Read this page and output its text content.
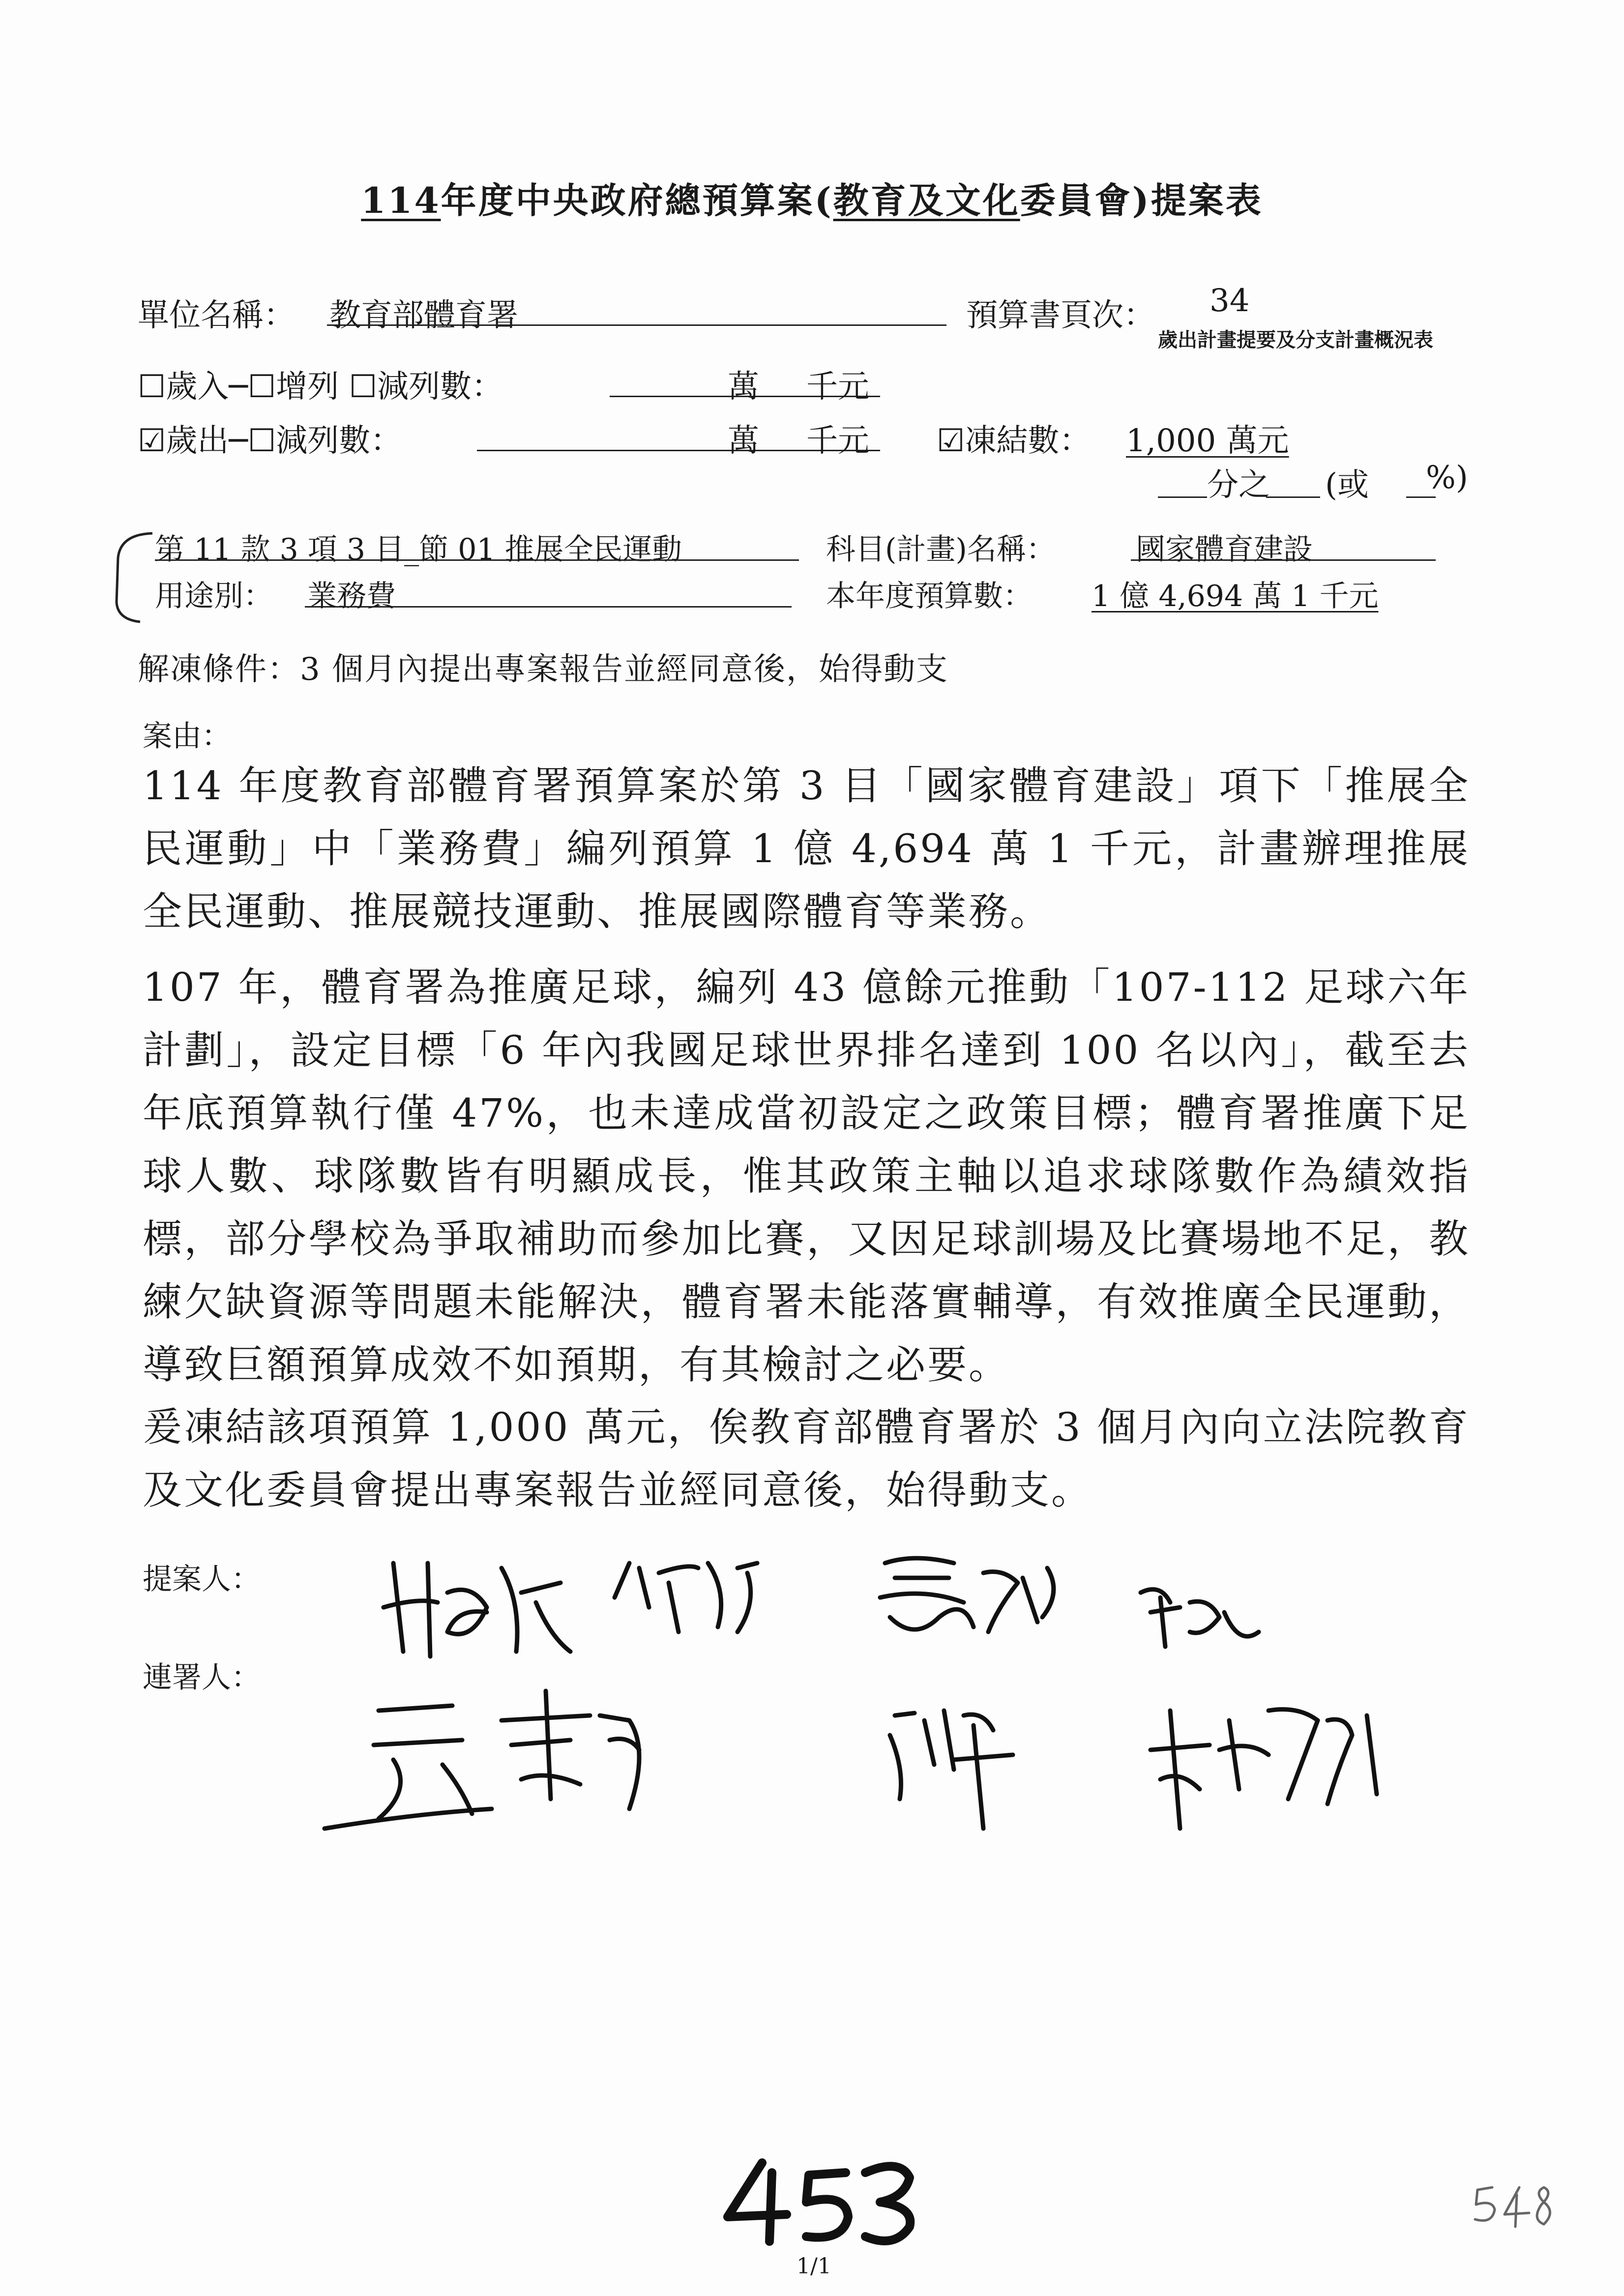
114年度中央政府總預算案(教育及文化委員會)提案表
單位名稱： 教育部體育署	預算書頁次： 34
歲出計畫提要及分支計畫概況表
☐歲入─☐增列 ☐減列數：	萬 千元
☑歲出─☐減列數：	萬 千元 ☑凍結數： 1,000 萬元
分之 (或 %)
第 11 款 3 項 3 目_節 01 推展全民運動	科目(計畫)名稱：	國家體育建設
用途別： 業務費	本年度預算數： 1 億 4,694 萬 1 千元
解凍條件：3 個月內提出專案報告並經同意後，始得動支
案由：
114 年度教育部體育署預算案於第 3 目「國家體育建設」項下「推展全民運動」中「業務費」編列預算 1 億 4,694 萬 1 千元，計畫辦理推展全民運動、推展競技運動、推展國際體育等業務。
107 年，體育署為推廣足球，編列 43 億餘元推動「107-112 足球六年計劃」，設定目標「6 年內我國足球世界排名達到 100 名以內」，截至去年底預算執行僅 47%，也未達成當初設定之政策目標；體育署推廣下足球人數、球隊數皆有明顯成長，惟其政策主軸以追求球隊數作為績效指標，部分學校為爭取補助而參加比賽，又因足球訓場及比賽場地不足，教練欠缺資源等問題未能解決，體育署未能落實輔導，有效推廣全民運動，導致巨額預算成效不如預期，有其檢討之必要。
爰凍結該項預算 1,000 萬元，俟教育部體育署於 3 個月內向立法院教育及文化委員會提出專案報告並經同意後，始得動支。
提案人：
連署人：
1/1
